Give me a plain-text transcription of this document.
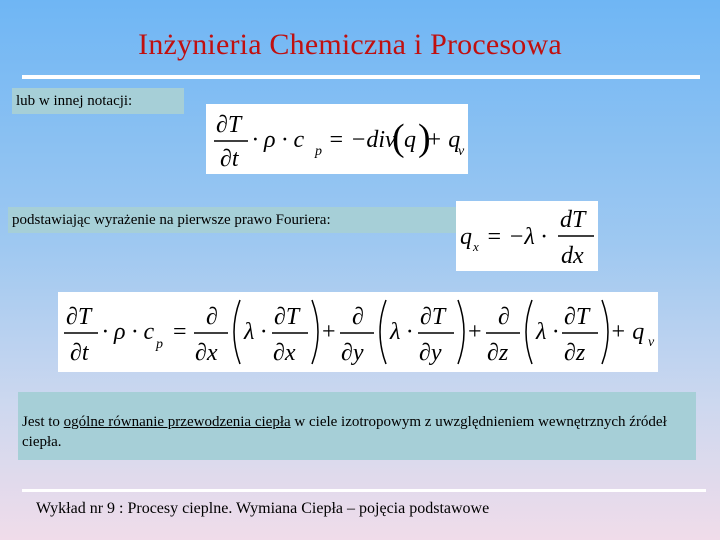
Inżynieria Chemiczna i Procesowa
lub w innej notacji:
∂T
∂t
· ρ · c p = −div
( q )
+ q
v
podstawiając wyrażenie na pierwsze prawo Fouriera:
q x = −λ ·
dT
dx
∂T
∂t
· ρ · c p =
∂
∂x
λ ·
∂T
∂x
+
∂
∂y
λ ·
∂T
∂y
+
∂
∂z
λ ·
∂T
∂z
+ q v
Jest to ogólne równanie przewodzenia ciepła w ciele izotropowym z uwzględnieniem wewnętrznych źródeł ciepła.
Wykład nr 9 : Procesy cieplne. Wymiana Ciepła – pojęcia podstawowe
